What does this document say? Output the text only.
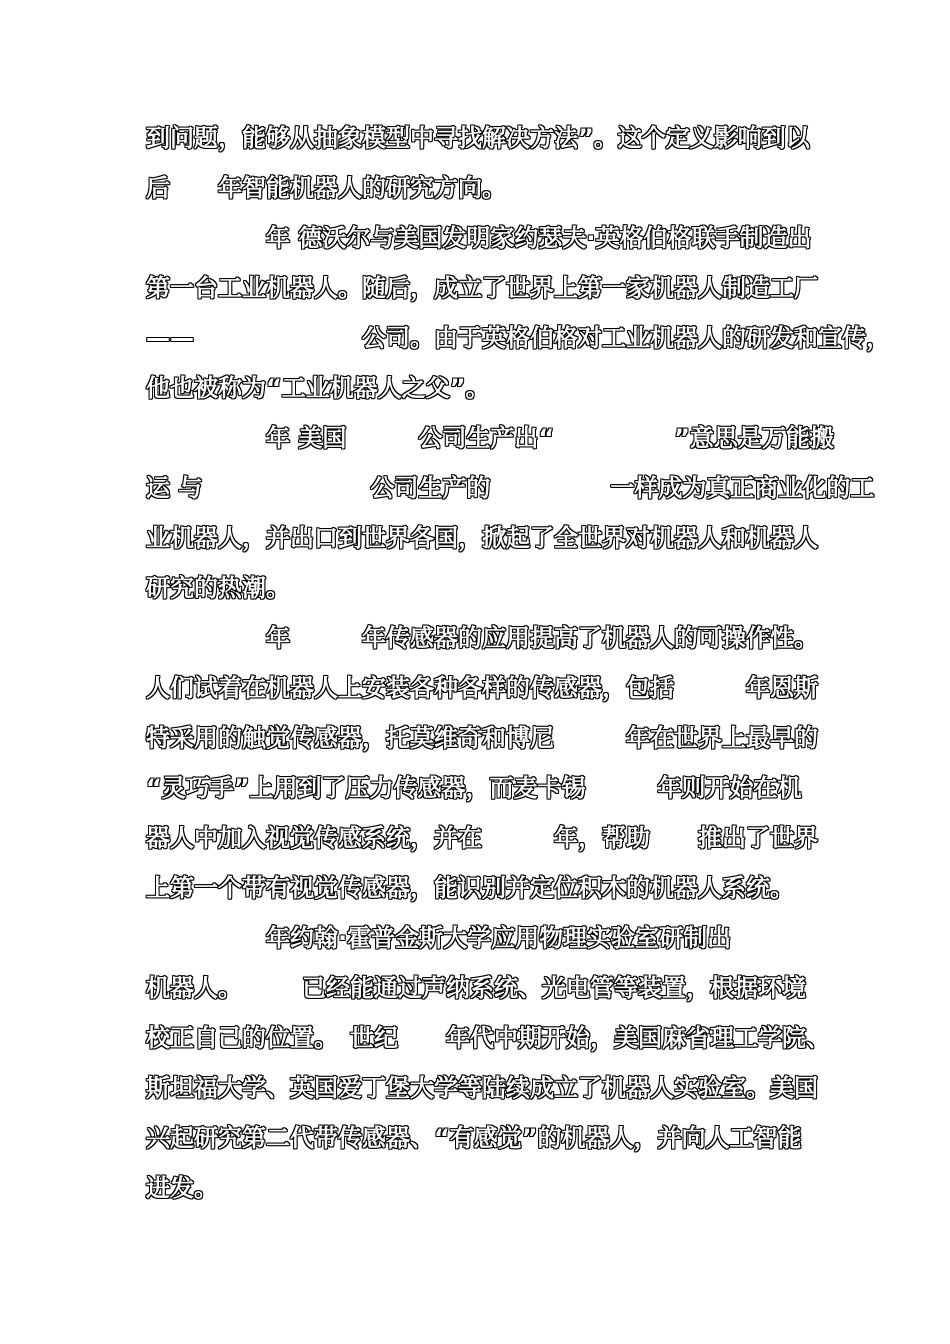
到问题，能够从抽象模型中寻找解决方法”。这个定义影响到以
后　　年智能机器人的研究方向。
　　　　　年 德沃尔与美国发明家约瑟夫·英格伯格联手制造出
第一台工业机器人。随后，成立了世界上第一家机器人制造工厂
——　　　　　　　公司。由于英格伯格对工业机器人的研发和宣传，
他也被称为“工业机器人之父”。
　　　　　年 美国　　　公司生产出“　　　　　”意思是万能搬
运 与　　　　　　　公司生产的　　　　　一样成为真正商业化的工
业机器人，并出口到世界各国，掀起了全世界对机器人和机器人
研究的热潮。
　　　　　年　　　年传感器的应用提高了机器人的可操作性。
人们试着在机器人上安装各种各样的传感器，包括　　　年恩斯
特采用的触觉传感器，托莫维奇和博尼　　　年在世界上最早的
“灵巧手”上用到了压力传感器，而麦卡锡　　　年则开始在机
器人中加入视觉传感系统，并在　　　年，帮助　　推出了世界
上第一个带有视觉传感器，能识别并定位积木的机器人系统。
　　　　　年约翰·霍普金斯大学应用物理实验室研制出
机器人。　　　已经能通过声纳系统、光电管等装置，根据环境
校正自己的位置。　世纪　　年代中期开始，美国麻省理工学院、
斯坦福大学、英国爱丁堡大学等陆续成立了机器人实验室。美国
兴起研究第二代带传感器、“有感觉”的机器人，并向人工智能
进发。
